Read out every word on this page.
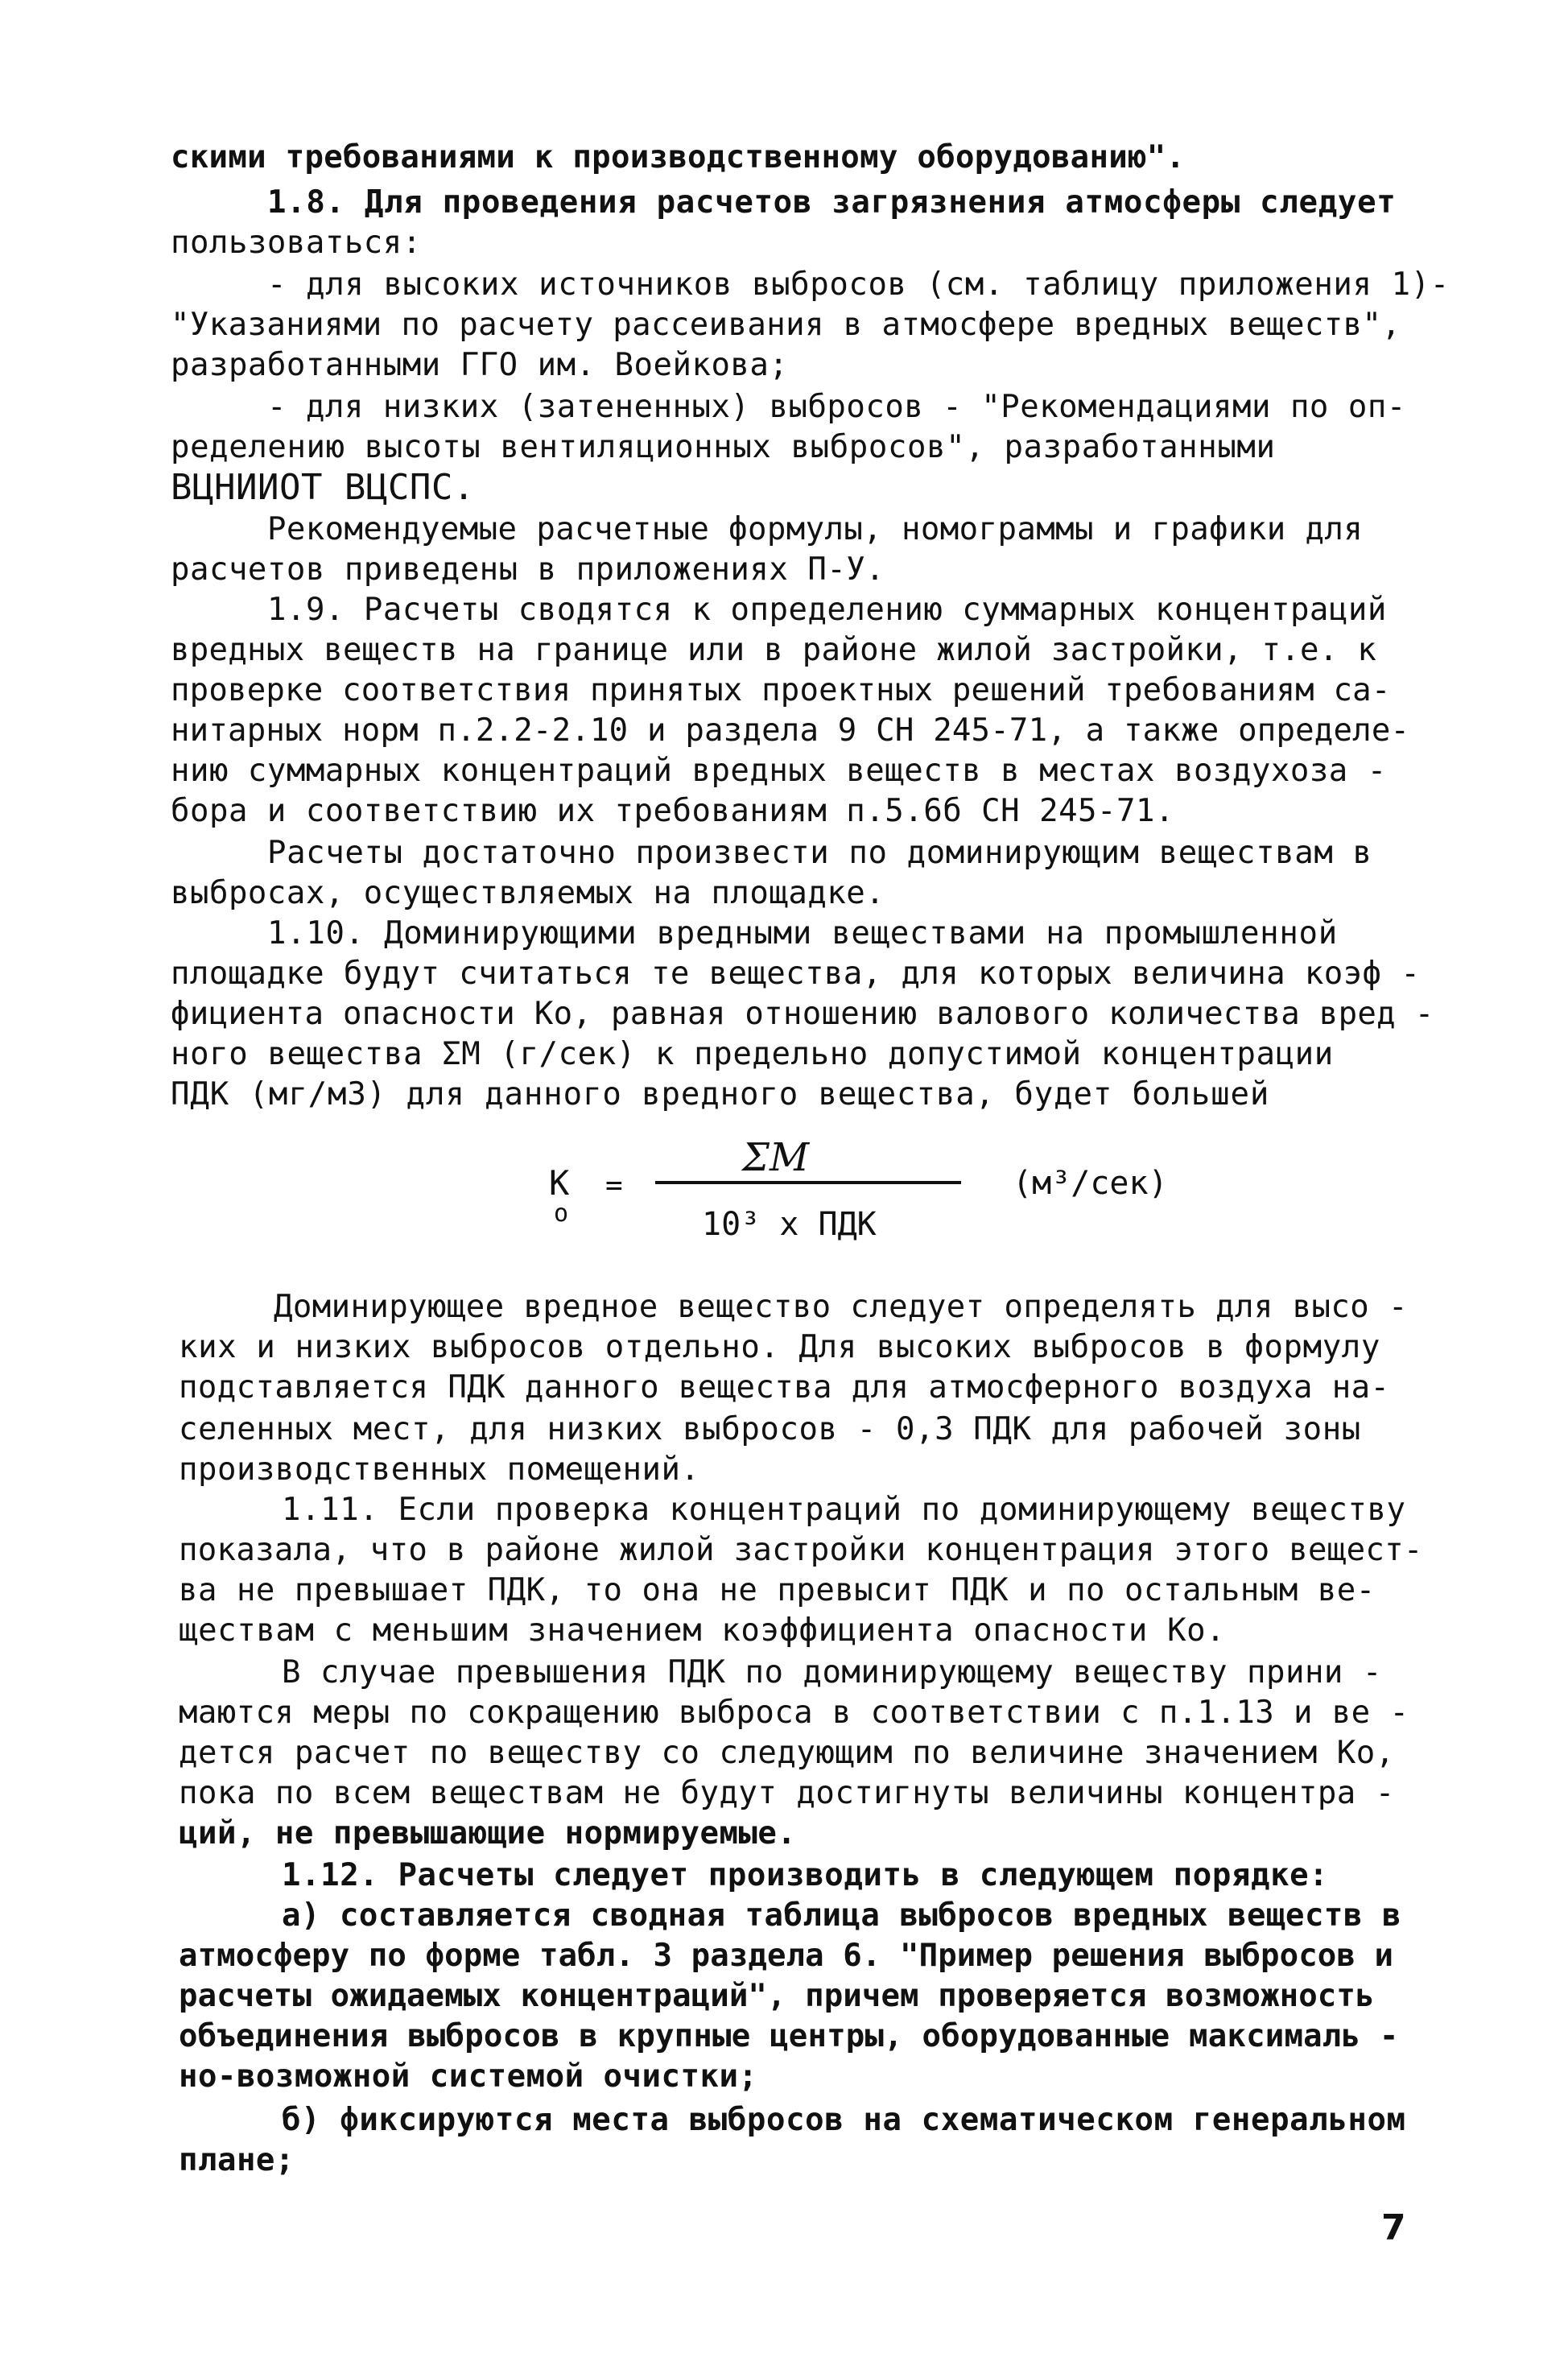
скими требованиями к производственному оборудованию".
1.8. Для проведения расчетов загрязнения атмосферы следует
пользоваться:
- для высоких источников выбросов (см. таблицу приложения 1)-
"Указаниями по расчету рассеивания в атмосфере вредных веществ",
разработанными ГГО им. Воейкова;
- для низких (затененных) выбросов - "Рекомендациями по оп-
ределению высоты вентиляционных выбросов", разработанными
ВЦНИИОТ ВЦСПС.
Рекомендуемые расчетные формулы, номограммы и графики для
расчетов приведены в приложениях П-У.
1.9. Расчеты сводятся к определению суммарных концентраций
вредных веществ на границе или в районе жилой застройки, т.е. к
проверке соответствия принятых проектных решений требованиям са-
нитарных норм п.2.2-2.10 и раздела 9 СН 245-71, а также определе-
нию суммарных концентраций вредных веществ в местах воздухоза -
бора и соответствию их требованиям п.5.6б СН 245-71.
Расчеты достаточно произвести по доминирующим веществам в
выбросах, осуществляемых на площадке.
1.10. Доминирующими вредными веществами на промышленной
площадке будут считаться те вещества, для которых величина коэф -
фициента опасности Ко, равная отношению валового количества вред -
ного вещества ΣМ (г/сек) к предельно допустимой концентрации
ПДК (мг/м3) для данного вредного вещества, будет большей
К
о
=
ΣМ
10³ х ПДК
(м³/сек)
Доминирующее вредное вещество следует определять для высо -
ких и низких выбросов отдельно. Для высоких выбросов в формулу
подставляется ПДК данного вещества для атмосферного воздуха на-
селенных мест, для низких выбросов - 0,3 ПДК для рабочей зоны
производственных помещений.
1.11. Если проверка концентраций по доминирующему веществу
показала, что в районе жилой застройки концентрация этого вещест-
ва не превышает ПДК, то она не превысит ПДК и по остальным ве-
ществам с меньшим значением коэффициента опасности Ко.
В случае превышения ПДК по доминирующему веществу прини -
маются меры по сокращению выброса в соответствии с п.1.13 и ве -
дется расчет по веществу со следующим по величине значением Ко,
пока по всем веществам не будут достигнуты величины концентра -
ций, не превышающие нормируемые.
1.12. Расчеты следует производить в следующем порядке:
а) составляется сводная таблица выбросов вредных веществ в
атмосферу по форме табл. 3 раздела 6. "Пример решения выбросов и
расчеты ожидаемых концентраций", причем проверяется возможность
объединения выбросов в крупные центры, оборудованные максималь -
но-возможной системой очистки;
б) фиксируются места выбросов на схематическом генеральном
плане;
7
